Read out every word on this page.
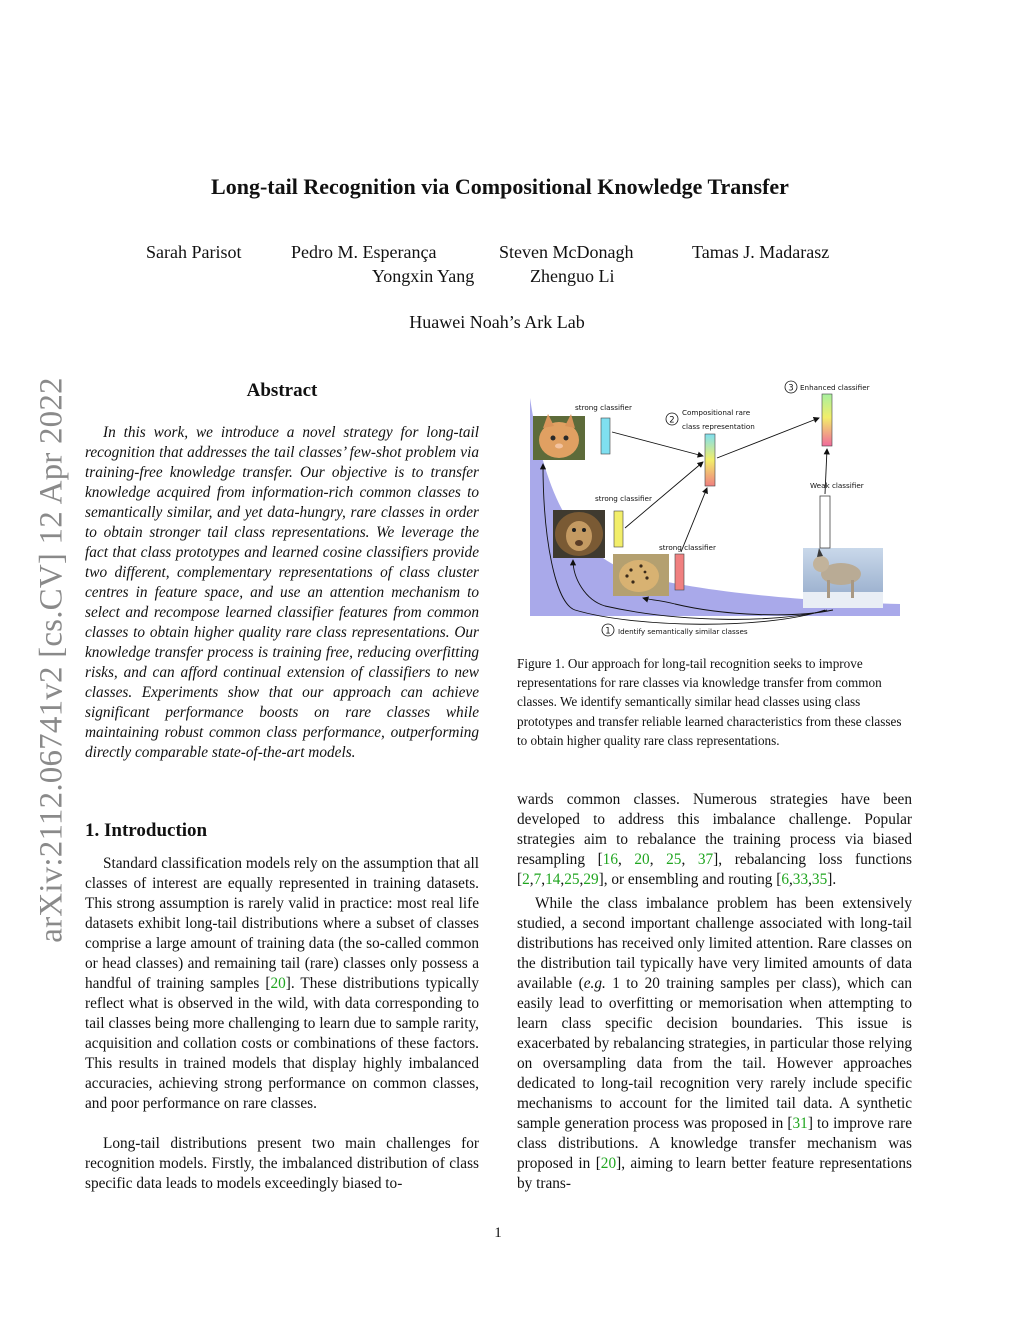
arXiv:2112.06741v2 [cs.CV] 12 Apr 2022
Long-tail Recognition via Compositional Knowledge Transfer
Sarah Parisot	Pedro M. Esperança	Steven McDonagh	Tamas J. Madarasz
Yongxin Yang	Zhenguo Li
Huawei Noah’s Ark Lab
Abstract

In this work, we introduce a novel strategy for long-tail recognition that addresses the tail classes’ few-shot problem via training-free knowledge transfer. Our objective is to transfer knowledge acquired from information-rich common classes to semantically similar, and yet data-hungry, rare classes in order to obtain stronger tail class representations. We leverage the fact that class prototypes and learned cosine classifiers provide two different, complementary representations of class cluster centres in feature space, and use an attention mechanism to select and recompose learned classifier features from common classes to obtain higher quality rare class representations. Our knowledge transfer process is training free, reducing overfitting risks, and can afford continual extension of classifiers to new classes. Experiments show that our approach can achieve significant performance boosts on rare classes while maintaining robust common class performance, outperforming directly comparable state-of-the-art models.

1. Introduction

Standard classification models rely on the assumption that all classes of interest are equally represented in training datasets. This strong assumption is rarely valid in practice: most real life datasets exhibit long-tail distributions where a subset of classes comprise a large amount of training data (the so-called common or head classes) and remaining tail (rare) classes only possess a handful of training samples [20]. These distributions typically reflect what is observed in the wild, with data corresponding to tail classes being more challenging to learn due to sample rarity, acquisition and collation costs or combinations of these factors. This results in trained models that display highly imbalanced accuracies, achieving strong performance on common classes, and poor performance on rare classes.

Long-tail distributions present two main challenges for recognition models. Firstly, the imbalanced distribution of class specific data leads to models exceedingly biased to-

strong classifier
strong classifier
strong classifier
Weak classifier
2
Compositional rare
class representation
3 Enhanced classifier
1 Identify semantically similar classes

Figure 1. Our approach for long-tail recognition seeks to improve representations for rare classes via knowledge transfer from common classes. We identify semantically similar head classes using class prototypes and transfer reliable learned characteristics from these classes to obtain higher quality rare class representations.

wards common classes. Numerous strategies have been developed to address this imbalance challenge. Popular strategies aim to rebalance the training process via biased resampling [16, 20, 25, 37], rebalancing loss functions [2,7,14,25,29], or ensembling and routing [6,33,35].

While the class imbalance problem has been extensively studied, a second important challenge associated with long-tail distributions has received only limited attention. Rare classes on the distribution tail typically have very limited amounts of data available (e.g. 1 to 20 training samples per class), which can easily lead to overfitting or memorisation when attempting to learn class specific decision boundaries. This issue is exacerbated by rebalancing strategies, in particular those relying on oversampling data from the tail. However approaches dedicated to long-tail recognition very rarely include specific mechanisms to account for the limited tail data. A synthetic sample generation process was proposed in [31] to improve rare class distributions. A knowledge transfer mechanism was proposed in [20], aiming to learn better feature representations by trans-

1
